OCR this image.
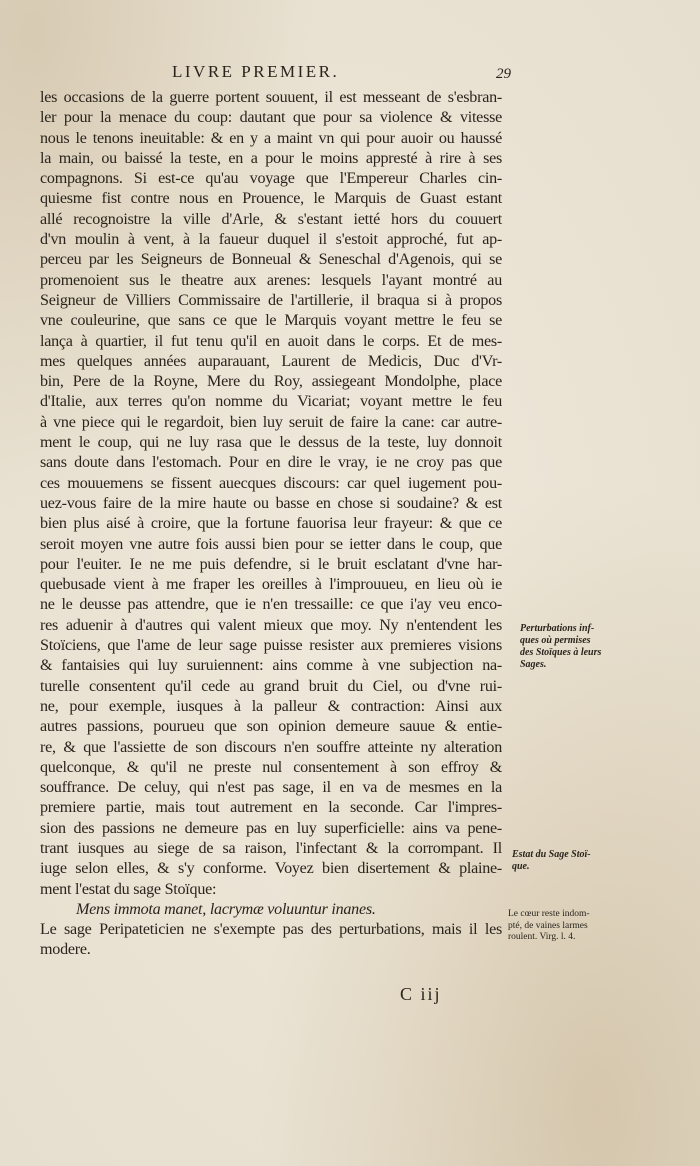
LIVRE PREMIER.	29
les occasions de la guerre portent souuent, il est messeant de s'esbran-
ler pour la menace du coup: dautant que pour sa violence & vitesse
nous le tenons ineuitable: & en y a maint vn qui pour auoir ou haussé
la main, ou baissé la teste, en a pour le moins appresté à rire à ses
compagnons. Si est-ce qu'au voyage que l'Empereur Charles cin-
quiesme fist contre nous en Prouence, le Marquis de Guast estant
allé recognoistre la ville d'Arle, & s'estant ietté hors du couuert
d'vn moulin à vent, à la faueur duquel il s'estoit approché, fut ap-
perceu par les Seigneurs de Bonneual & Seneschal d'Agenois, qui se
promenoient sus le theatre aux arenes: lesquels l'ayant montré au
Seigneur de Villiers Commissaire de l'artillerie, il braqua si à propos
vne couleurine, que sans ce que le Marquis voyant mettre le feu se
lança à quartier, il fut tenu qu'il en auoit dans le corps. Et de mes-
mes quelques années auparauant, Laurent de Medicis, Duc d'Vr-
bin, Pere de la Royne, Mere du Roy, assiegeant Mondolphe, place
d'Italie, aux terres qu'on nomme du Vicariat; voyant mettre le feu
à vne piece qui le regardoit, bien luy seruit de faire la cane: car autre-
ment le coup, qui ne luy rasa que le dessus de la teste, luy donnoit
sans doute dans l'estomach. Pour en dire le vray, ie ne croy pas que
ces mouuemens se fissent auecques discours: car quel iugement pou-
uez-vous faire de la mire haute ou basse en chose si soudaine? & est
bien plus aisé à croire, que la fortune fauorisa leur frayeur: & que ce
seroit moyen vne autre fois aussi bien pour se ietter dans le coup, que
pour l'euiter. Ie ne me puis defendre, si le bruit esclatant d'vne har-
quebusade vient à me fraper les oreilles à l'improuueu, en lieu où ie
ne le deusse pas attendre, que ie n'en tressaille: ce que i'ay veu enco-
res aduenir à d'autres qui valent mieux que moy. Ny n'entendent les
Stoïciens, que l'ame de leur sage puisse resister aux premieres visions
& fantaisies qui luy suruiennent: ains comme à vne subjection na-
turelle consentent qu'il cede au grand bruit du Ciel, ou d'vne rui-
ne, pour exemple, iusques à la palleur & contraction: Ainsi aux
autres passions, pourueu que son opinion demeure sauue & entie-
re, & que l'assiette de son discours n'en souffre atteinte ny alteration
quelconque, & qu'il ne preste nul consentement à son effroy &
souffrance. De celuy, qui n'est pas sage, il en va de mesmes en la
premiere partie, mais tout autrement en la seconde. Car l'impres-
sion des passions ne demeure pas en luy superficielle: ains va pene-
trant iusques au siege de sa raison, l'infectant & la corrompant. Il
iuge selon elles, & s'y conforme. Voyez bien disertement & plaine-
ment l'estat du sage Stoïque:
Mens immota manet, lacrymæ voluuntur inanes.
Le sage Peripateticien ne s'exempte pas des perturbations, mais il les
modere.
Perturbations inf-
ques où permises
des Stoïques à leurs
Sages.
Estat du Sage Stoï-
que.
Le cœur reste indom-
pté, de vaines larmes
roulent. Virg. l. 4.
C iij
